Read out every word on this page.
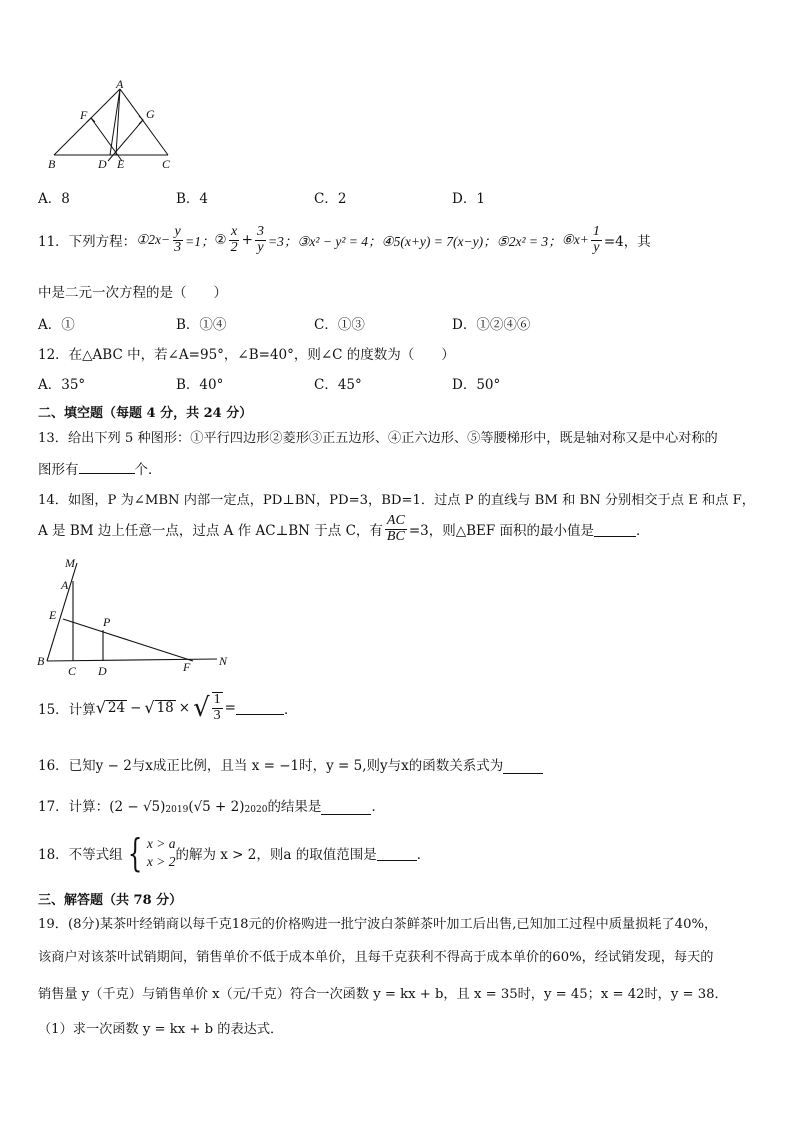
A
F	G
B	D E	C
A．8	B．4	C．2	D．1
11．下列方程： ①2x− $\frac{y}{3} =1$； ② $\frac{x}{2} + \frac{3}{y} =3$； ③x² − y² = 4； ④5(x+y) = 7(x−y)； ⑤2x² = 3； ⑥x+ $\frac{1}{y} =4$，其
中是二元一次方程的是（　　）
A．①	B．①④	C．①③	D．①②④⑥
12．在△ABC 中，若∠A=95°，∠B=40°，则∠C 的度数为（　　）
A．35°	B．40°	C．45°	D．50°
二、填空题（每题 4 分，共 24 分）
13．给出下列 5 种图形：①平行四边形②菱形③正五边形、④正六边形、⑤等腰梯形中，既是轴对称又是中心对称的
图形有	个．
14．如图，P 为∠MBN 内部一定点，PD⊥BN，PD=3，BD=1．过点 P 的直线与 BM 和 BN 分别相交于点 E 和点 F，
A 是 BM 边上任意一点，过点 A 作 AC⊥BN 于点 C，有 $\frac{AC}{BC} =3$，则△BEF 面积的最小值是	．
M
A
E	P
B
C D	F N
15．计算 √ 24 − √ 18 × √ $\frac{1}{3}$ =	．
16．已知y − 2与x成正比例，且当 x = −1时，y = 5,则y与x的函数关系式为
17．计算： $(2 - √5)_{2019}$ $(√5 + 2)_{2020}$ 的结果是	．
18．不等式组 { x > a
x > 2 的解为 x > 2，则a 的取值范围是	．
三、解答题（共 78 分）
19．(8分)某茶叶经销商以每千克18元的价格购进一批宁波白茶鲜茶叶加工后出售,已知加工过程中质量损耗了40%，
该商户对该茶叶试销期间，销售单价不低于成本单价，且每千克获利不得高于成本单价的60%，经试销发现，每天的
销售量 y（千克）与销售单价 x（元/千克）符合一次函数 y = kx + b，且 x = 35时，y = 45；x = 42时，y = 38．
（1）求一次函数 y = kx + b 的表达式．
